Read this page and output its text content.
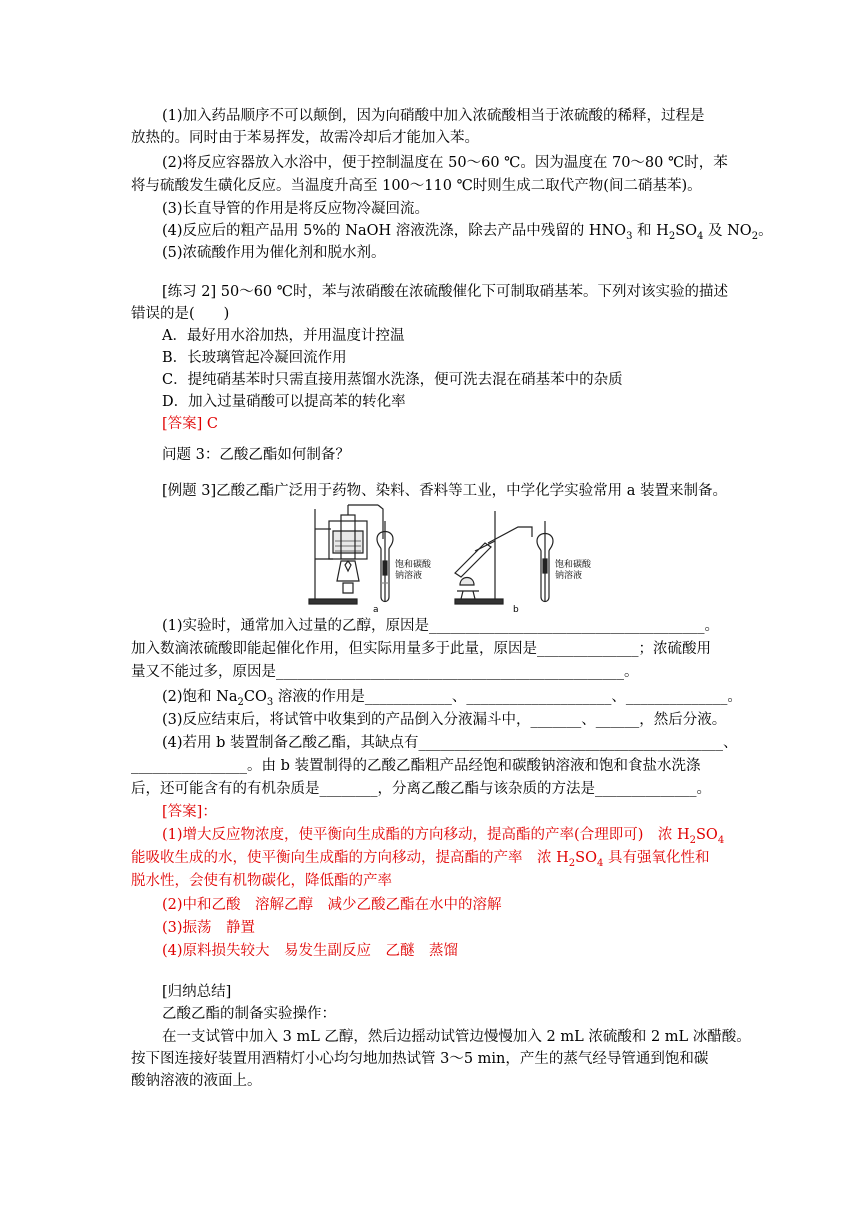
(1)加入药品顺序不可以颠倒，因为向硝酸中加入浓硫酸相当于浓硫酸的稀释，过程是
放热的。同时由于苯易挥发，故需冷却后才能加入苯。
(2)将反应容器放入水浴中，便于控制温度在 50～60 ℃。因为温度在 70～80 ℃时，苯
将与硫酸发生磺化反应。当温度升高至 100～110 ℃时则生成二取代产物(间二硝基苯)。
(3)长直导管的作用是将反应物冷凝回流。
(4)反应后的粗产品用 5%的 NaOH 溶液洗涤，除去产品中残留的 $HNO_3$ 和 $H_2SO_4$ 及 $NO_2$。
(5)浓硫酸作用为催化剂和脱水剂。
[练习 2] 50～60 ℃时，苯与浓硝酸在浓硫酸催化下可制取硝基苯。下列对该实验的描述
错误的是(　　)
A．最好用水浴加热，并用温度计控温
B．长玻璃管起冷凝回流作用
C．提纯硝基苯时只需直接用蒸馏水洗涤，便可洗去混在硝基苯中的杂质
D．加入过量硝酸可以提高苯的转化率
[答案] C
问题 3：乙酸乙酯如何制备？
[例题 3]乙酸乙酯广泛用于药物、染料、香料等工业，中学化学实验常用 a 装置来制备。
饱和碳酸
钠溶液
饱和碳酸
钠溶液
a	b
(1)实验时，通常加入过量的乙醇，原因是______________________________________。
加入数滴浓硫酸即能起催化作用，但实际用量多于此量，原因是______________；浓硫酸用
量又不能过多，原因是________________________________________________。
(2)饱和 $Na_2CO_3$ 溶液的作用是____________、____________________、______________。
(3)反应结束后，将试管中收集到的产品倒入分液漏斗中，_______、______，然后分液。
(4)若用 b 装置制备乙酸乙酯，其缺点有__________________________________________、
________________。由 b 装置制得的乙酸乙酯粗产品经饱和碳酸钠溶液和饱和食盐水洗涤
后，还可能含有的有机杂质是________，分离乙酸乙酯与该杂质的方法是______________。
[答案]：
(1)增大反应物浓度，使平衡向生成酯的方向移动，提高酯的产率(合理即可)　浓 $H_2SO_4$
能吸收生成的水，使平衡向生成酯的方向移动，提高酯的产率　浓 $H_2SO_4$ 具有强氧化性和
脱水性，会使有机物碳化，降低酯的产率
(2)中和乙酸　溶解乙醇　减少乙酸乙酯在水中的溶解
(3)振荡　静置
(4)原料损失较大　易发生副反应　乙醚　蒸馏
[归纳总结]
乙酸乙酯的制备实验操作：
在一支试管中加入 3 mL 乙醇，然后边摇动试管边慢慢加入 2 mL 浓硫酸和 2 mL 冰醋酸。
按下图连接好装置用酒精灯小心均匀地加热试管 3～5 min，产生的蒸气经导管通到饱和碳
酸钠溶液的液面上。
